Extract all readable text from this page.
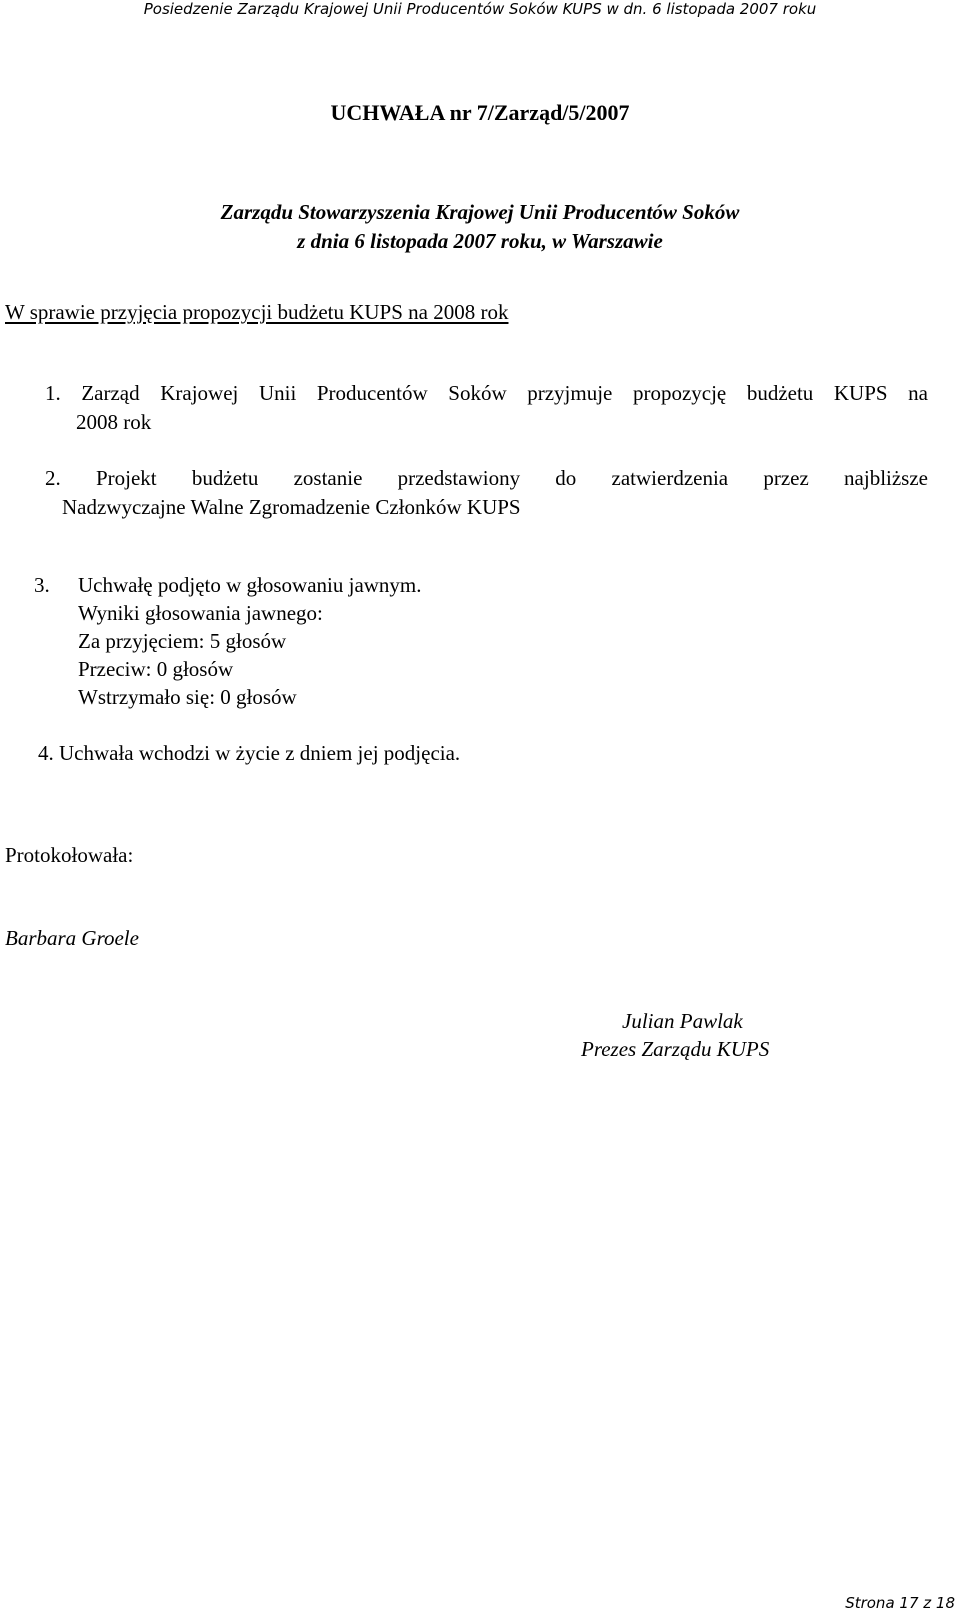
Posiedzenie Zarządu Krajowej Unii Producentów Soków KUPS w dn. 6 listopada 2007 roku
UCHWAŁA nr 7/Zarząd/5/2007
Zarządu Stowarzyszenia Krajowej Unii Producentów Soków
z dnia 6 listopada 2007 roku, w Warszawie
W sprawie przyjęcia propozycji budżetu KUPS na 2008 rok
1. Zarząd Krajowej Unii Producentów Soków przyjmuje propozycję budżetu KUPS na
2008 rok
2. Projekt budżetu zostanie przedstawiony do zatwierdzenia przez najbliższe
Nadzwyczajne Walne Zgromadzenie Członków KUPS
3. Uchwałę podjęto w głosowaniu jawnym.
Wyniki głosowania jawnego:
Za przyjęciem: 5 głosów
Przeciw: 0 głosów
Wstrzymało się: 0 głosów
4. Uchwała wchodzi w życie z dniem jej podjęcia.
Protokołowała:
Barbara Groele
Julian Pawlak
Prezes Zarządu KUPS
Strona 17 z 18
